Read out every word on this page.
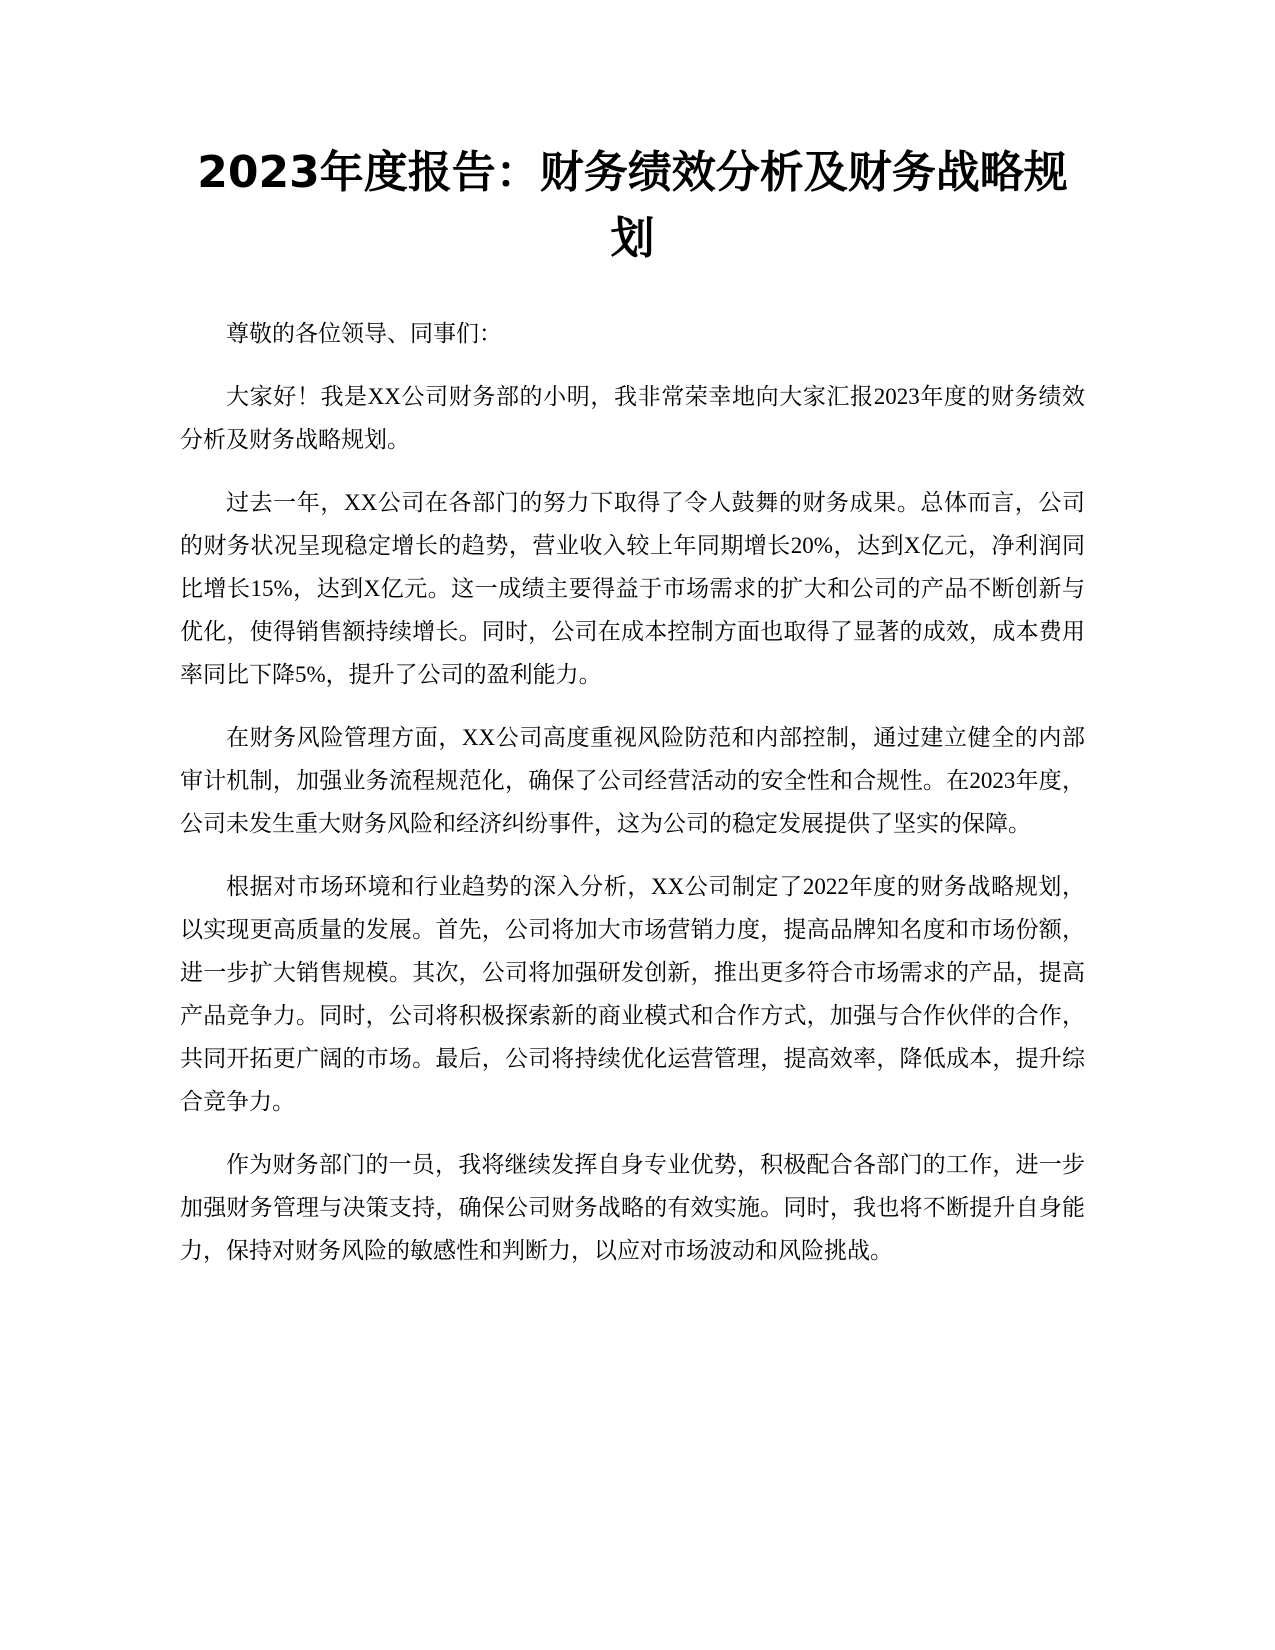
2023年度报告：财务绩效分析及财务战略规划

尊敬的各位领导、同事们：

大家好！我是XX公司财务部的小明，我非常荣幸地向大家汇报2023年度的财务绩效分析及财务战略规划。

过去一年，XX公司在各部门的努力下取得了令人鼓舞的财务成果。总体而言，公司的财务状况呈现稳定增长的趋势，营业收入较上年同期增长20%，达到X亿元，净利润同比增长15%，达到X亿元。这一成绩主要得益于市场需求的扩大和公司的产品不断创新与优化，使得销售额持续增长。同时，公司在成本控制方面也取得了显著的成效，成本费用率同比下降5%，提升了公司的盈利能力。

在财务风险管理方面，XX公司高度重视风险防范和内部控制，通过建立健全的内部审计机制，加强业务流程规范化，确保了公司经营活动的安全性和合规性。在2023年度，公司未发生重大财务风险和经济纠纷事件，这为公司的稳定发展提供了坚实的保障。

根据对市场环境和行业趋势的深入分析，XX公司制定了2022年度的财务战略规划，以实现更高质量的发展。首先，公司将加大市场营销力度，提高品牌知名度和市场份额，进一步扩大销售规模。其次，公司将加强研发创新，推出更多符合市场需求的产品，提高产品竞争力。同时，公司将积极探索新的商业模式和合作方式，加强与合作伙伴的合作，共同开拓更广阔的市场。最后，公司将持续优化运营管理，提高效率，降低成本，提升综合竞争力。

作为财务部门的一员，我将继续发挥自身专业优势，积极配合各部门的工作，进一步加强财务管理与决策支持，确保公司财务战略的有效实施。同时，我也将不断提升自身能力，保持对财务风险的敏感性和判断力，以应对市场波动和风险挑战。
